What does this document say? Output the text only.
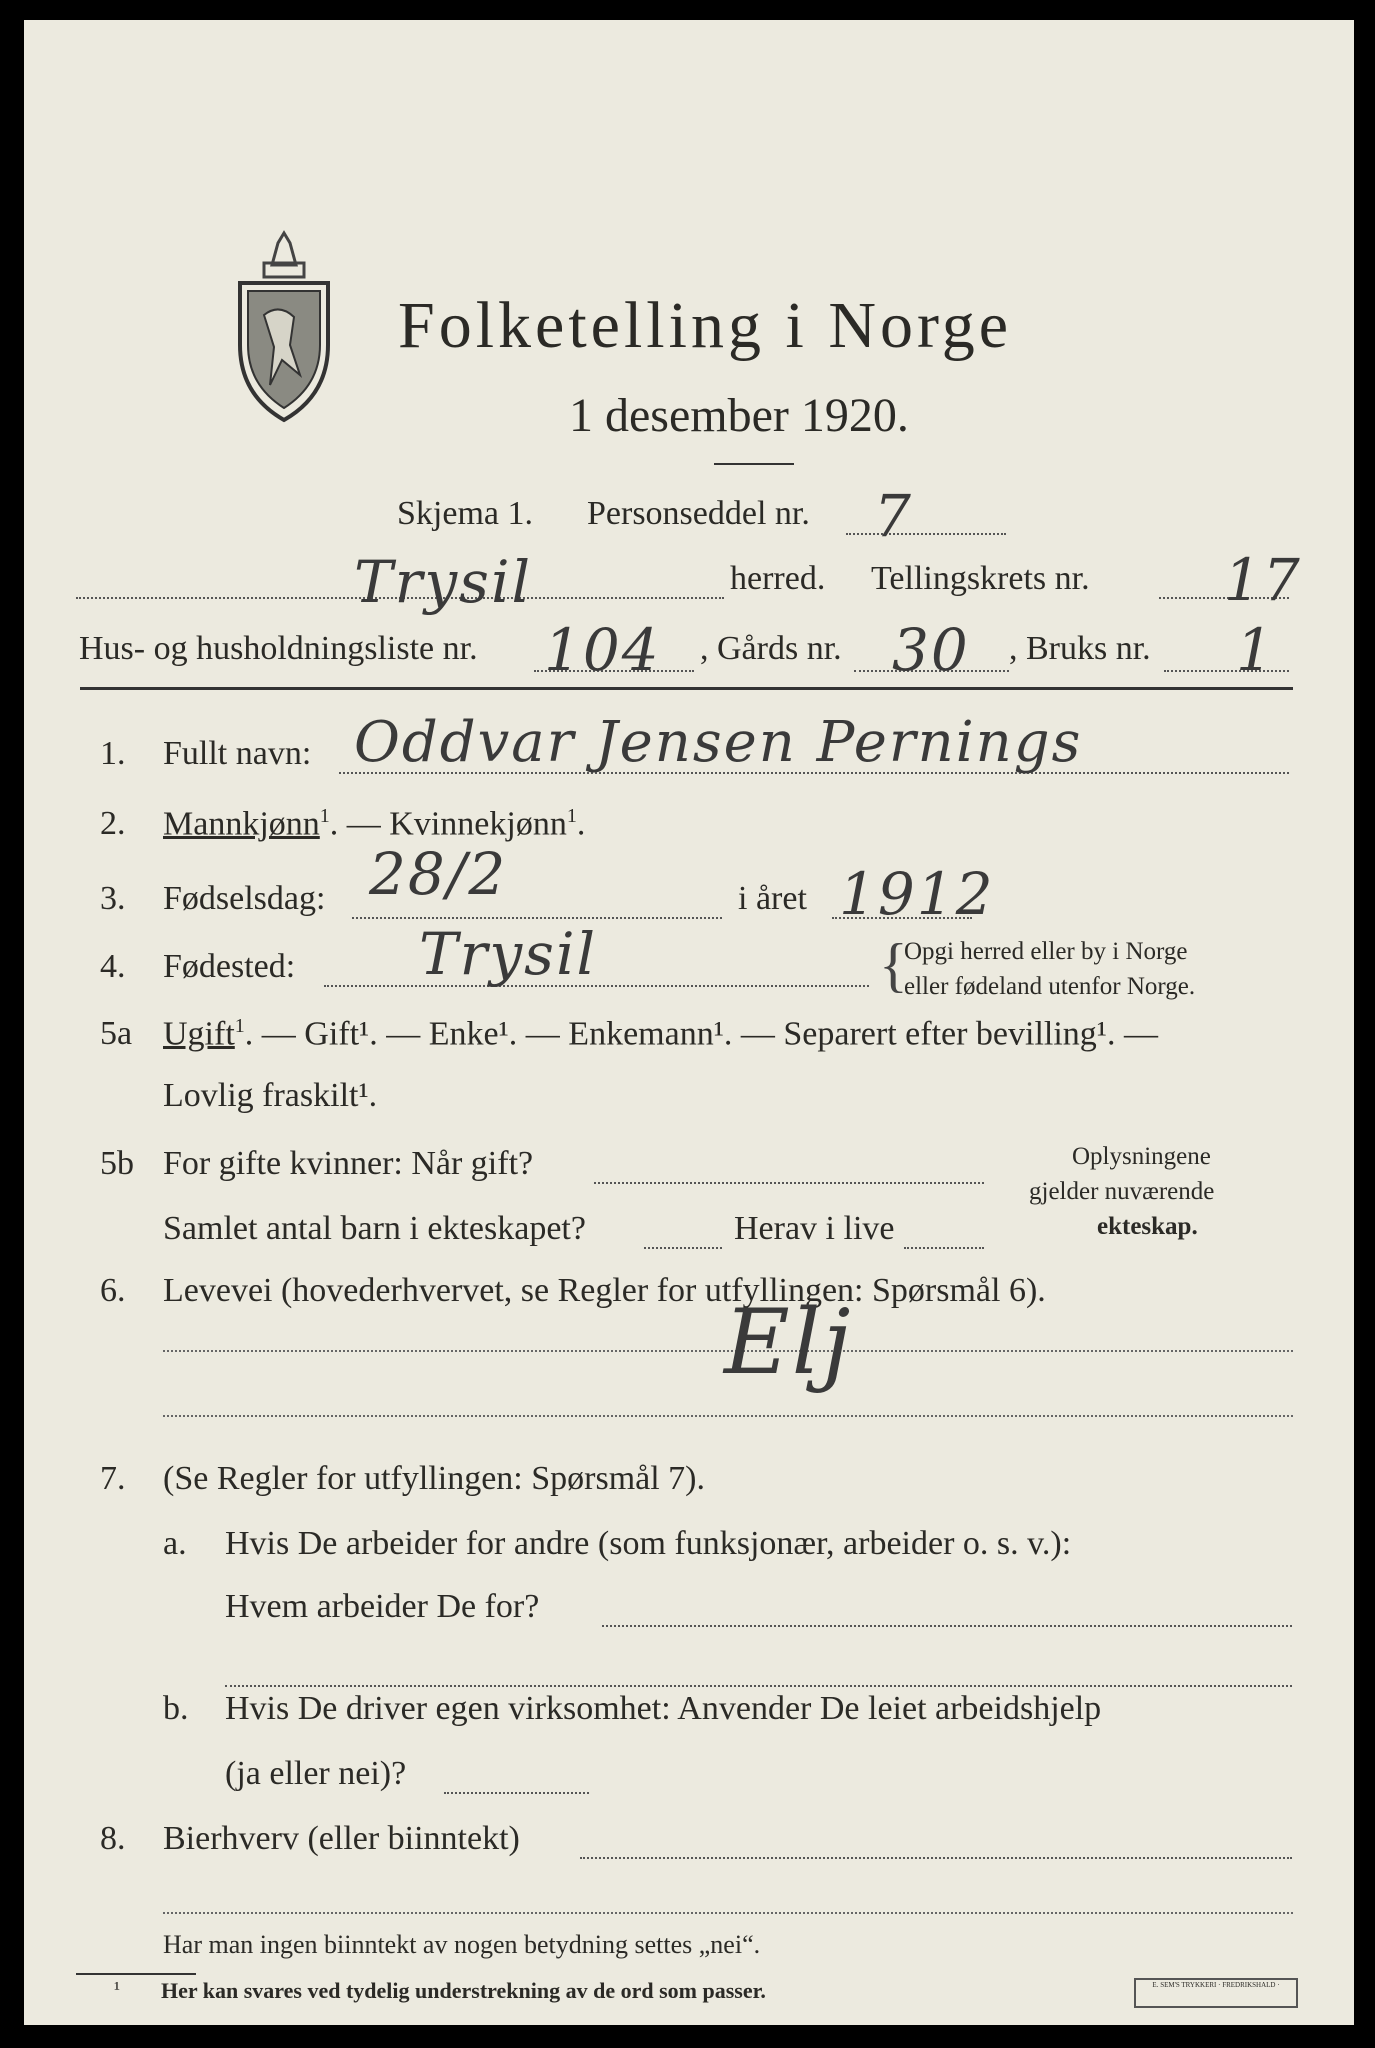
Folketelling i Norge
1 desember 1920.
Skjema 1. Personseddel nr. 7
Trysil	herred. Tellingskrets nr. 17
Hus- og husholdningsliste nr. 104 , Gårds nr. 30 , Bruks nr. 1
1. Fullt navn: Oddvar Jensen Pernings
2. Mannkjønn$^1$. — Kvinnekjønn$^1$.
3. Fødselsdag: 28/2	i året 1912
4. Fødested: Trysil	{
Opgi herred eller by i Norge
eller fødeland utenfor Norge.
5a Ugift$^1$. — Gift¹. — Enke¹. — Enkemann¹. — Separert efter bevilling¹. —
Lovlig fraskilt¹.
5b For gifte kvinner: Når gift?
Samlet antal barn i ekteskapet?	Herav i live
Oplysningene
gjelder nuværende
ekteskap.
6. Levevei (hovederhvervet, se Regler for utfyllingen: Spørsmål 6).
Elj
7. (Se Regler for utfyllingen: Spørsmål 7).
a. Hvis De arbeider for andre (som funksjonær, arbeider o. s. v.):
Hvem arbeider De for?
b. Hvis De driver egen virksomhet: Anvender De leiet arbeidshjelp
(ja eller nei)?
8. Bierhverv (eller biinntekt)
Har man ingen biinntekt av nogen betydning settes „nei“.
¹ Her kan svares ved tydelig understrekning av de ord som passer.	E. SEM'S TRYKKERI · FREDRIKSHALD ·
